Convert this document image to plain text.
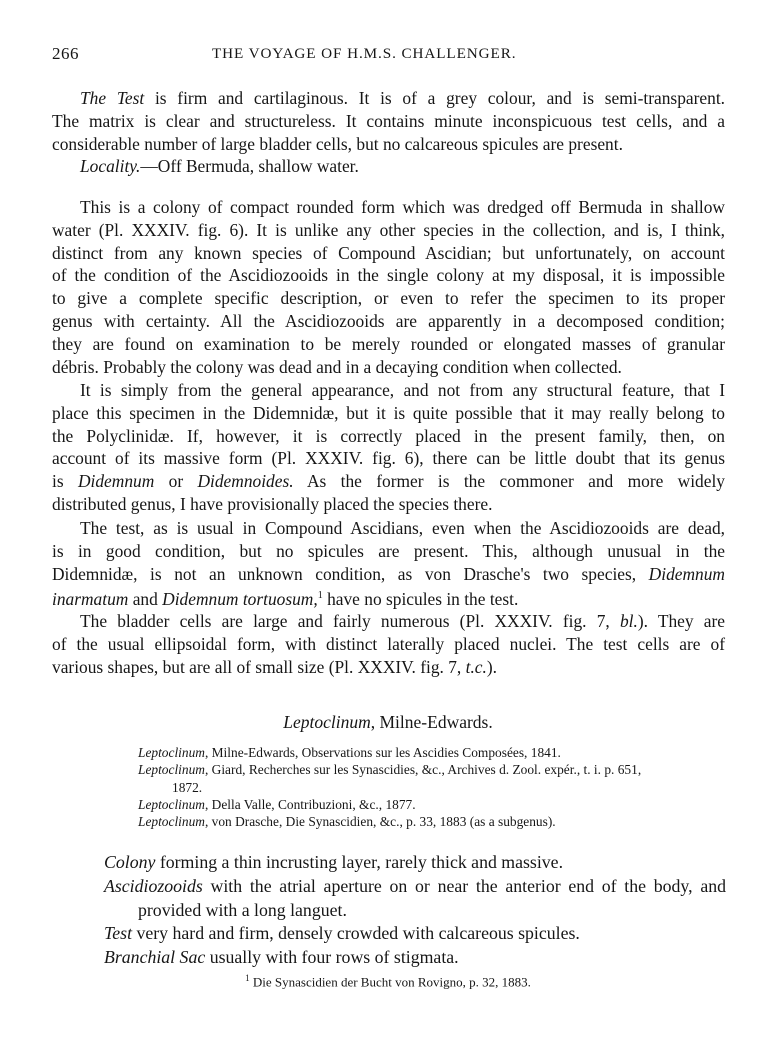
266	THE VOYAGE OF H.M.S. CHALLENGER.
The Test is firm and cartilaginous. It is of a grey colour, and is semi-transparent.
The matrix is clear and structureless. It contains minute inconspicuous test cells, and a
considerable number of large bladder cells, but no calcareous spicules are present.
Locality.—Off Bermuda, shallow water.
This is a colony of compact rounded form which was dredged off Bermuda in shallow
water (Pl. XXXIV. fig. 6). It is unlike any other species in the collection, and is, I think,
distinct from any known species of Compound Ascidian; but unfortunately, on account
of the condition of the Ascidiozooids in the single colony at my disposal, it is impossible
to give a complete specific description, or even to refer the specimen to its proper
genus with certainty. All the Ascidiozooids are apparently in a decomposed condition;
they are found on examination to be merely rounded or elongated masses of granular
débris. Probably the colony was dead and in a decaying condition when collected.
It is simply from the general appearance, and not from any structural feature, that I
place this specimen in the Didemnidæ, but it is quite possible that it may really belong to
the Polyclinidæ. If, however, it is correctly placed in the present family, then, on
account of its massive form (Pl. XXXIV. fig. 6), there can be little doubt that its genus
is Didemnum or Didemnoides. As the former is the commoner and more widely
distributed genus, I have provisionally placed the species there.
The test, as is usual in Compound Ascidians, even when the Ascidiozooids are dead,
is in good condition, but no spicules are present. This, although unusual in the
Didemnidæ, is not an unknown condition, as von Drasche's two species, Didemnum
inarmatum and Didemnum tortuosum,$^1$ have no spicules in the test.
The bladder cells are large and fairly numerous (Pl. XXXIV. fig. 7, bl.). They are
of the usual ellipsoidal form, with distinct laterally placed nuclei. The test cells are of
various shapes, but are all of small size (Pl. XXXIV. fig. 7, t.c.).
Leptoclinum, Milne-Edwards.
Leptoclinum, Milne-Edwards, Observations sur les Ascidies Composées, 1841.
Leptoclinum, Giard, Recherches sur les Synascidies, &c., Archives d. Zool. expér., t. i. p. 651,
1872.
Leptoclinum, Della Valle, Contribuzioni, &c., 1877.
Leptoclinum, von Drasche, Die Synascidien, &c., p. 33, 1883 (as a subgenus).
Colony forming a thin incrusting layer, rarely thick and massive.
Ascidiozooids with the atrial aperture on or near the anterior end of the body, and
provided with a long languet.
Test very hard and firm, densely crowded with calcareous spicules.
Branchial Sac usually with four rows of stigmata.
$^1$ Die Synascidien der Bucht von Rovigno, p. 32, 1883.
